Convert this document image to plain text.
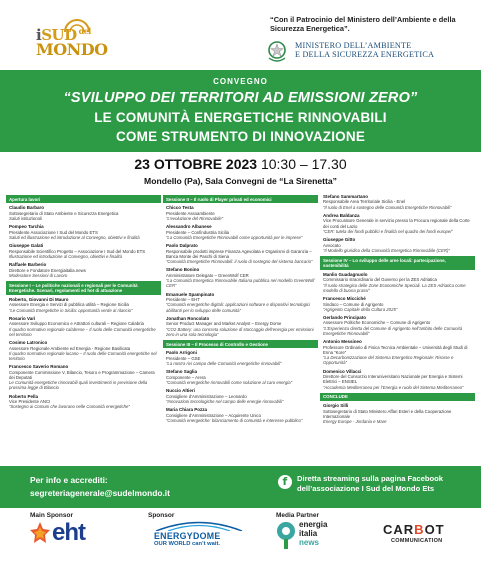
iSUD $^{del}$
MONDO
“Con il Patrocinio del Ministero dell’Ambiente e della Sicurezza Energetica”.
MINISTERO DELL’AMBIENTE
E DELLA SICUREZZA ENERGETICA
CONVEGNO
“SVILUPPO DEI TERRITORI AD EMISSIONI ZERO”
LE COMUNITÀ ENERGETICHE RINNOVABILI
COME STRUMENTO DI INNOVAZIONE
23 OTTOBRE 2023 10:30 – 17.30
Mondello (Pa), Sala Convegni de “La Sirenetta”
Apertura lavori
Claudio Barbaro
Sottosegretario di Stato Ambiente e Sicurezza Energetica
Saluti istituzionali
Pompeo Tarchia
Presidente Associazione I Sud del Mondo ETS
Saluti ed illustrazione ed introduzione al Convegno, obiettivi e finalità
Giuseppe Galati
Responsabile Scientifico Progetto – Associazione I Sud del Mondo ETS
Illustrazione ed introduzione al Convegno, obiettivi e finalità
Raffaele Barberio
Direttore e Fondatore Energiaitalia.news
Moderatore Sessioni di Lavoro
Sessione I – Le politiche nazionali e regionali per le Comunità Energetiche. Scenari, regolamenti ed hot di attuazione
Roberto, Giovanni Di Mauro
Assessore Energia e Servizi di pubblica utilità – Regione Sicilia
“Le Comunità Energetiche in Sicilia: opportunità verde al rilancio”
Rosario Varì
Assessore Sviluppo Economico e Attrattori culturali – Regione Calabria
Il quadro normativo regionale calabrese – Il ruolo delle Comunità energetiche nel territorio
Cosimo Latronico
Assessore Regionale Ambiente ed Energia - Regione Basilicata
Il quadro normativo regionale lucano – Il ruolo delle Comunità energetiche nel territorio
Francesco Saverio Romano
Componente Commissione V, Bilancio, Tesoro e Programmazione – Camera dei Deputati
Le Comunità energetiche rinnovabili quali investimenti in previsione della prossima legge di Bilancio
Roberto Pella
Vice Presidente ANCI
“Sostegno ai Comuni che lavorano nelle Comunità energetiche”
Sessione II – Il ruolo di Player privati ed economici
Chicco Testa
Presidente Assoambiente
“L’evoluzione del Rinnovabile”
Alessandro Albanese
Presidente – Confindustria Sicilia
“La Comunità Energetiche Rinnovabili come opportunità per le imprese”
Paolo Dalprato
Responsabile prodotti imprese Finanza Agevolata e Organismi di Garanzia –Banca Monte dei Paschi di Siena
“Comunità Energetiche Rinnovabili: il ruolo di sostegno del sistema bancario”
Stefano Bonino
Amministratore Delegato – GreenWolf CER
“La Comunità Energetica Rinnovabile Italiana pubblica nel modello GreenWolf CER”
Emanuele Spampinato
Presidente – EHT
“Comunità energetiche digitali: applicazioni software e dispositivi tecnologici abilitanti per lo sviluppo delle comunità”
Jonathan Roncolato
Senior Product Manager and Market Analyst – Energy Dome
“CO2 Battery: una concreta soluzione di stoccaggio dell’energia per emissioni zero in una sola tecnologia”
Sessione III – Il Processo di Controllo e Gestione
Paolo Arrigoni
Presidente – GSE
“La nostra rivi campo delle Comunità energetiche rinnovabili”
Stefano Saglia
Componente – Arera
“Comunità energetiche rinnovabili come soluzione al caro energia”
Nuccio Altieri
Consigliere d’Amministrazione – Leonardo
“Innovazioni tecnologiche nel campo delle energie rinnovabili”
Maria Chiara Pozza
Consigliere d’Amministrazione – Acquirente Unico
“Comunità energetiche: bilanciamento di comunità e interesse pubblico”
Stefano Sammartano
Responsabile Area Territoriale Sicilia - Enel
“Il ruolo di Enel a sostegno delle Comunità Energetiche Rinnovabili”
Andrea Baldanza
Vice Procuratore Generale in servizio presso la Procura regionale della Corte dei conti del Lazio
“CER: tutela dei fondi pubblici e finalità nel quadro dei fondi europei”
Giuseppe Gitto
Avvocato
“Il Modello giuridico della Comunità Energetica Rinnovabile (CER)”
Sessione IV – Lo sviluppo delle aree locali: partecipazione, sostenibilità
Manlio Guadagnuolo
Commissario straordinario del Governo per la ZES Adriatica
“Il ruolo strategico delle Zone Economiche Speciali. La ZES Adriatica come modello di buona prassi”
Francesco Micciché
Sindaco – Comune di Agrigento
“Agrigento Capitale della Cultura 2025”
Gerlando Principato
Assessore Politiche Economiche – Comune di Agrigento
“L’Esperienza diretta del Comune di Agrigento nell’ambito delle Comunità Energetiche Rinnovabili”
Antonio Messineo
Professore Ordinario di Fisica Tecnica Ambientale – Università degli Studi di Enna “Kore”
“La Decarbonizzazione del Sistema Energetico Regionale: Risorse e Opportunità”
Domenico Villacci
Direttore del Consorzio Interuniversitario Nazionale per Energia e Sistemi Elettrici – ENSIEL
“Accademia Mediterranea per l’Energia e ruolo del Sistema Mediterraneo”
CONCLUDE
Giorgio Silli
Sottosegretario di Stato Ministero Affari Esteri e della Cooperazione Internazionale
Energy Europe - Jordania e Mare
Per info e accrediti:
segreteriagenerale@sudelmondo.it
f Diretta streaming sulla pagina Facebook
dell’associazione I Sud del Mondo Ets
Main Sponsor	Sponsor	Media Partner
eht	ENERGYDOME
OUR WORLD can’t wait.
energia
italia
news
CARBOT
COMMUNICATION
